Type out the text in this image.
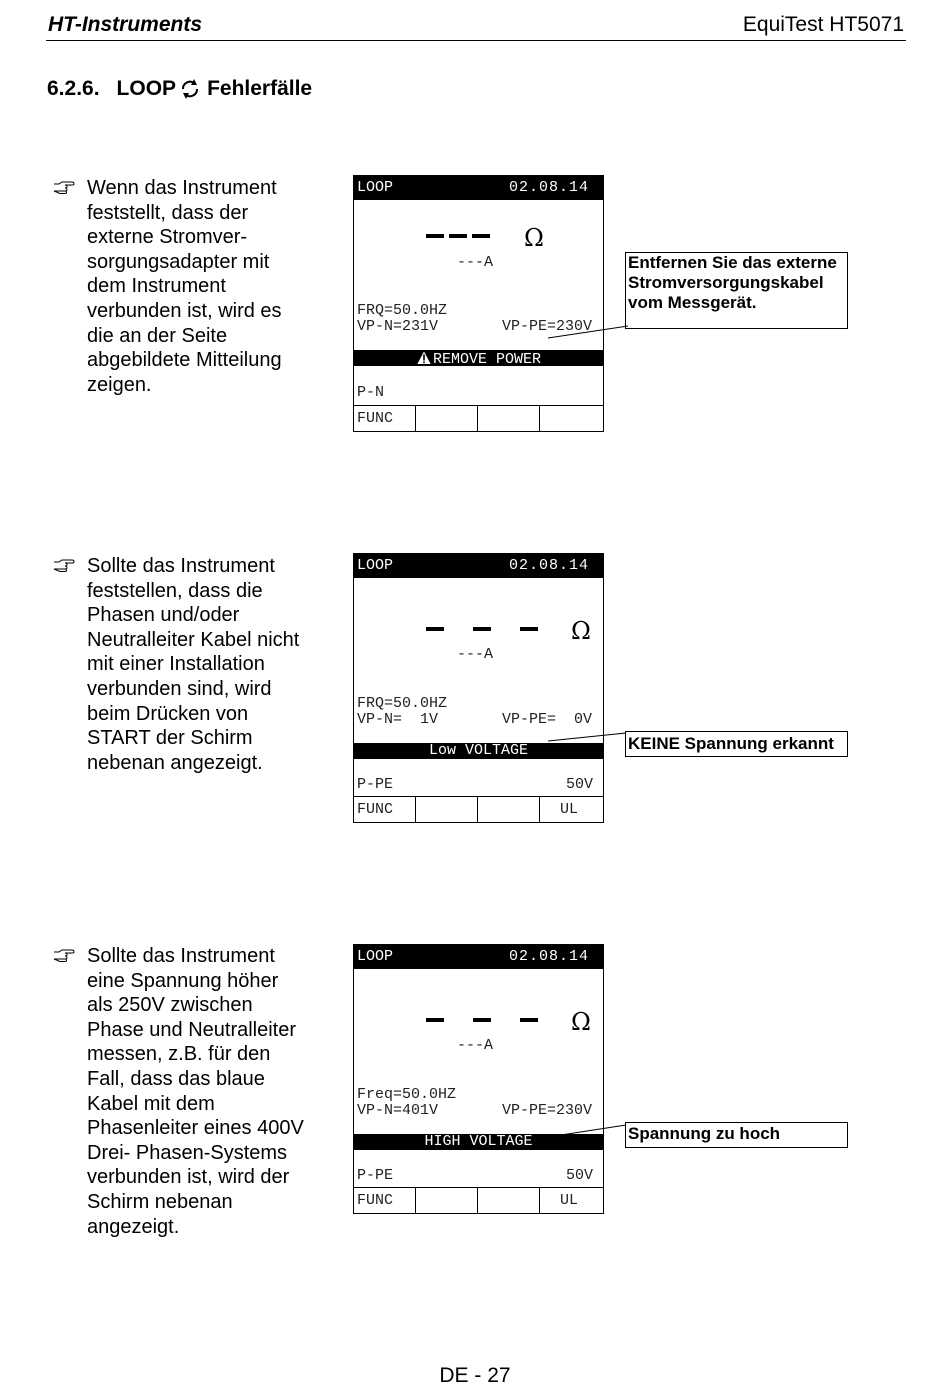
HT-Instruments	EquiTest HT5071
6.2.6. LOOP Fehlerfälle
Wenn das Instrument
feststellt, dass der
externe Stromver-
sorgungsadapter mit
dem Instrument
verbunden ist, wird es
die an der Seite
abgebildete Mitteilung
zeigen.
LOOP	02.08.14
Ω
---A
FRQ=50.0HZ
VP-N=231V	VP-PE=230V
REMOVE POWER
P-N
FUNC
Entfernen Sie das externe Stromversorgungskabel vom Messgerät.
Sollte das Instrument
feststellen, dass die
Phasen und/oder
Neutralleiter Kabel nicht
mit einer Installation
verbunden sind, wird
beim Drücken von
START der Schirm
nebenan angezeigt.
LOOP	02.08.14
Ω
---A
FRQ=50.0HZ
VP-N=  1V	VP-PE=  0V
Low VOLTAGE
P-PE	50V
FUNC	UL
KEINE Spannung erkannt
Sollte das Instrument
eine Spannung höher
als 250V zwischen
Phase und Neutralleiter
messen, z.B. für den
Fall, dass das blaue
Kabel mit dem
Phasenleiter eines 400V
Drei- Phasen-Systems
verbunden ist, wird der
Schirm nebenan
angezeigt.
LOOP	02.08.14
Ω
---A
Freq=50.0HZ
VP-N=401V	VP-PE=230V
HIGH VOLTAGE
P-PE	50V
FUNC	UL
Spannung zu hoch
DE - 27
